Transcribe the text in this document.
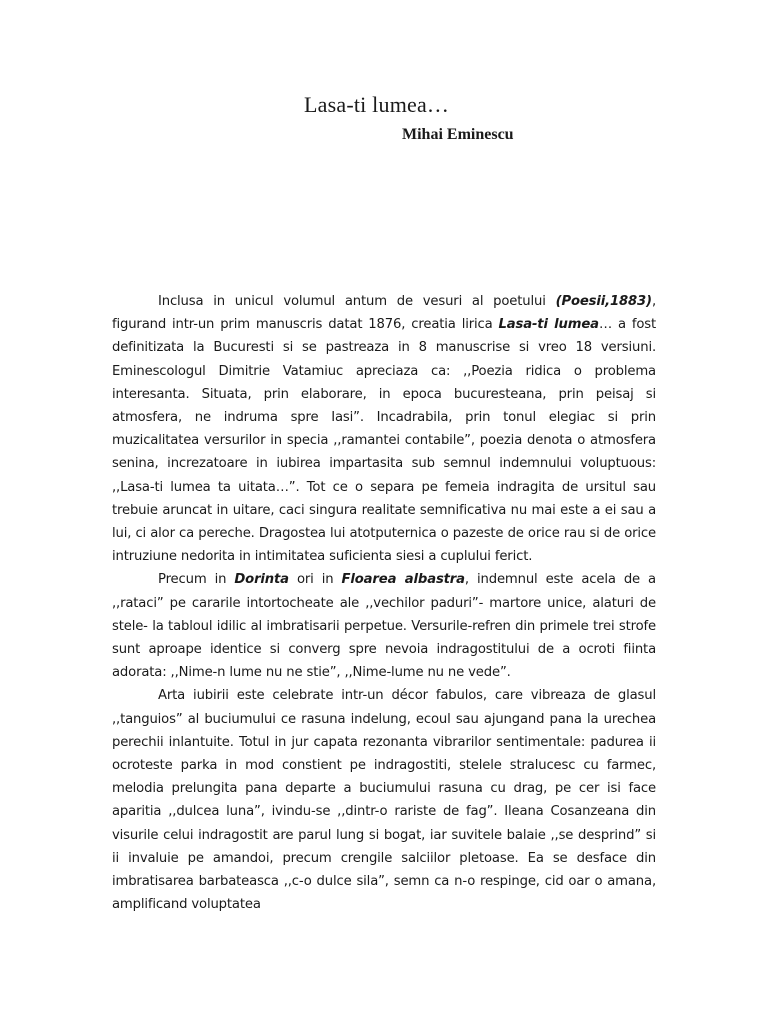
Lasa-ti lumea…
Mihai Eminescu

Inclusa in unicul volumul antum de vesuri al poetului (Poesii,1883), figurand intr-un prim manuscris datat 1876, creatia lirica Lasa-ti lumea… a fost definitizata la Bucuresti si se pastreaza in 8 manuscrise si vreo 18 versiuni. Eminescologul Dimitrie Vatamiuc apreciaza ca: ,,Poezia ridica o problema interesanta. Situata, prin elaborare, in epoca bucuresteana, prin peisaj si atmosfera, ne indruma spre Iasi”. Incadrabila, prin tonul elegiac si prin muzicalitatea versurilor in specia ,,ramantei contabile”, poezia denota o atmosfera senina, increzatoare in iubirea impartasita sub semnul indemnului voluptuous: ,,Lasa-ti lumea ta uitata…”. Tot ce o separa pe femeia indragita de ursitul sau trebuie aruncat in uitare, caci singura realitate semnificativa nu mai este a ei sau a lui, ci alor ca pereche. Dragostea lui atotputernica o pazeste de orice rau si de orice intruziune nedorita in intimitatea suficienta siesi a cuplului ferict.

Precum in Dorinta ori in Floarea albastra, indemnul este acela de a ,,rataci” pe cararile intortocheate ale ,,vechilor paduri”- martore unice, alaturi de stele- la tabloul idilic al imbratisarii perpetue. Versurile-refren din primele trei strofe sunt aproape identice si converg spre nevoia indragostitului de a ocroti fiinta adorata: ,,Nime-n lume nu ne stie”, ,,Nime-lume nu ne vede”.

Arta iubirii este celebrate intr-un décor fabulos, care vibreaza de glasul ,,tanguios” al buciumului ce rasuna indelung, ecoul sau ajungand pana la urechea perechii inlantuite. Totul in jur capata rezonanta vibrarilor sentimentale: padurea ii ocroteste parka in mod constient pe indragostiti, stelele stralucesc cu farmec, melodia prelungita pana departe a buciumului rasuna cu drag, pe cer isi face aparitia ,,dulcea luna”, ivindu-se ,,dintr-o rariste de fag”. Ileana Cosanzeana din visurile celui indragostit are parul lung si bogat, iar suvitele balaie ,,se desprind” si ii invaluie pe amandoi, precum crengile salciilor pletoase. Ea se desface din imbratisarea barbateasca ,,c-o dulce sila”, semn ca n-o respinge, cid oar o amana, amplificand voluptatea
